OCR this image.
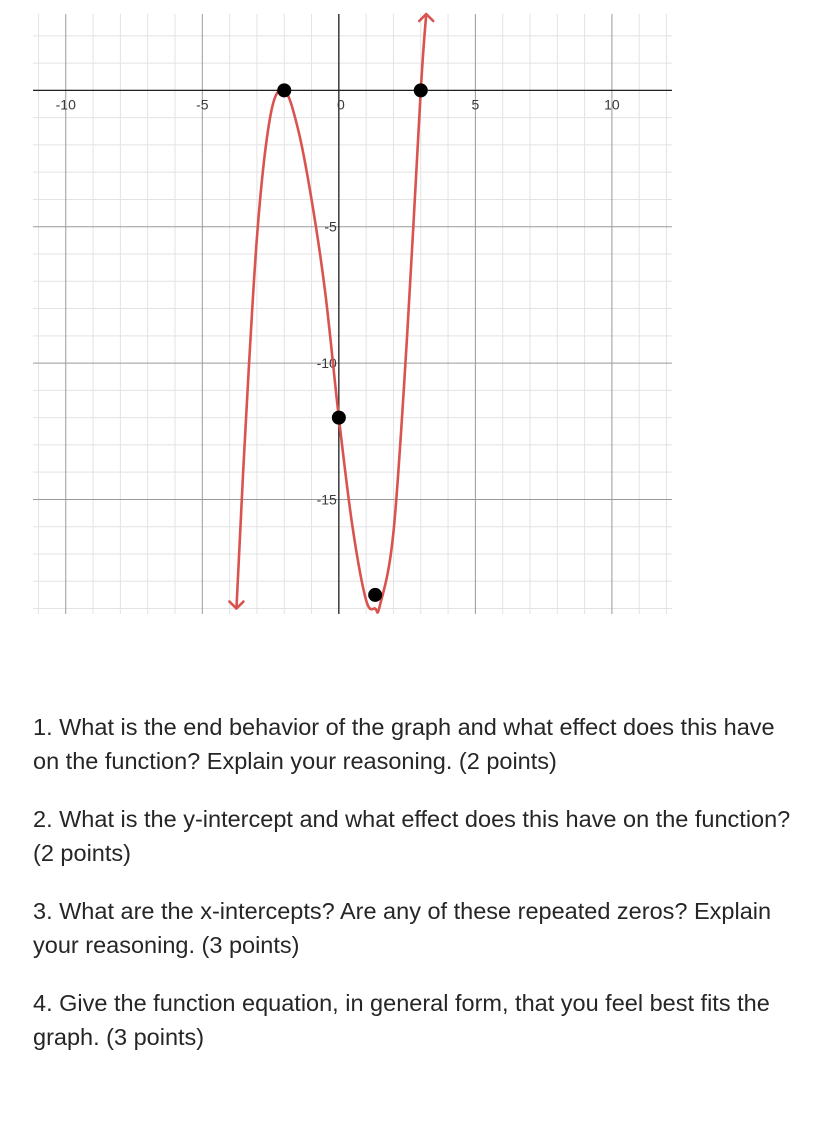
-10	-5	0	5	10
-5
-10
-15

1. What is the end behavior of the graph and what effect does this have on the function? Explain your reasoning. (2 points)

2. What is the y-intercept and what effect does this have on the function? (2 points)

3. What are the x-intercepts? Are any of these repeated zeros? Explain your reasoning. (3 points)

4. Give the function equation, in general form, that you feel best fits the graph. (3 points)
